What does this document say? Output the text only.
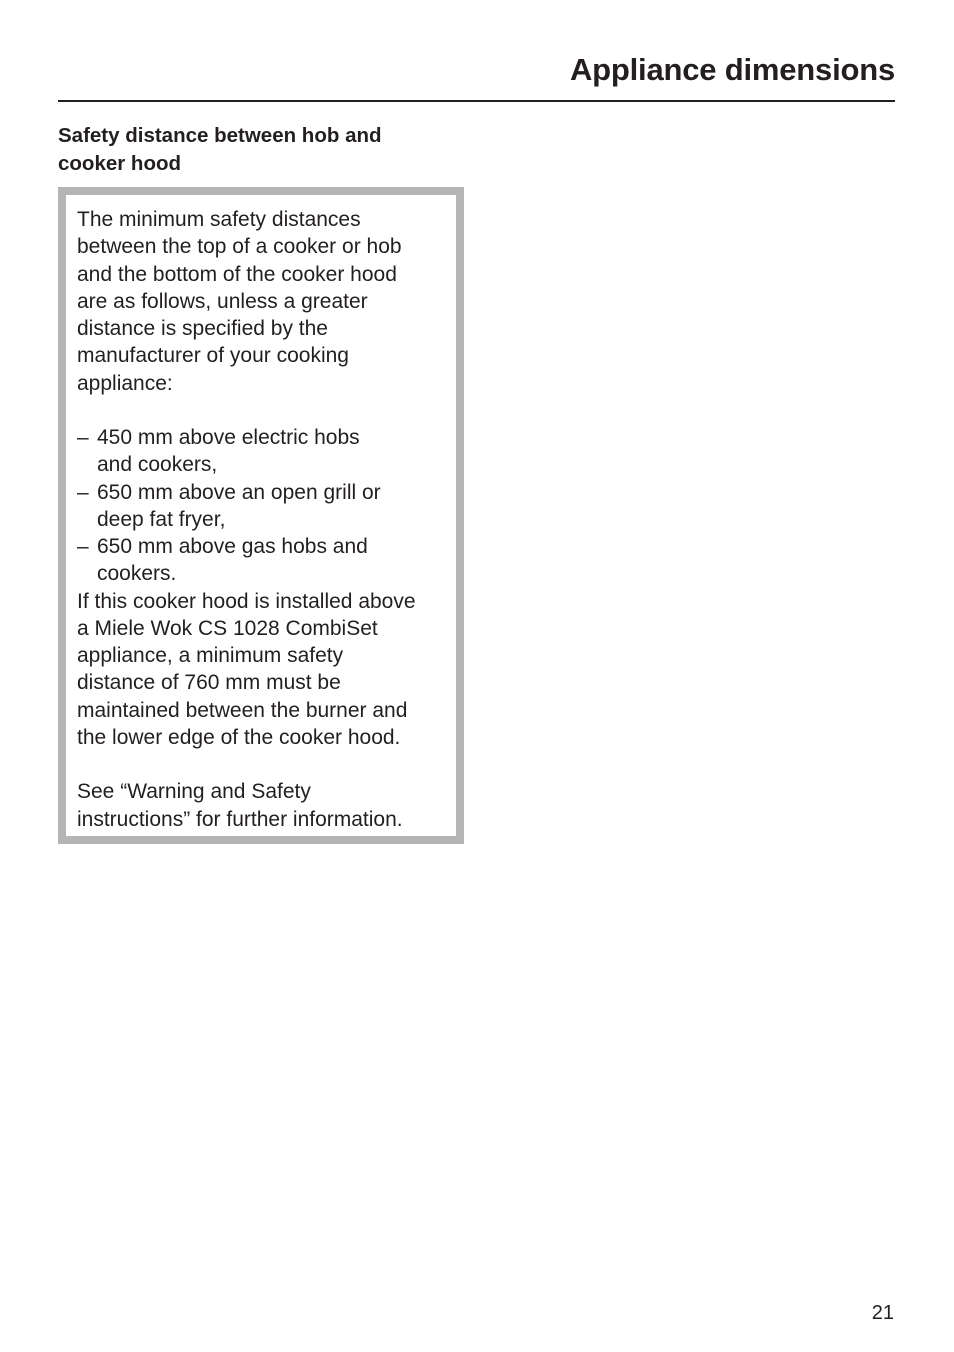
Appliance dimensions
Safety distance between hob and
cooker hood

The minimum safety distances
between the top of a cooker or hob
and the bottom of the cooker hood
are as follows, unless a greater
distance is specified by the
manufacturer of your cooking
appliance:

– 450 mm above electric hobs
and cookers,
– 650 mm above an open grill or
deep fat fryer,
– 650 mm above gas hobs and
cookers.

If this cooker hood is installed above
a Miele Wok CS 1028 CombiSet
appliance, a minimum safety
distance of 760 mm must be
maintained between the burner and
the lower edge of the cooker hood.

See “Warning and Safety
instructions” for further information.

21
